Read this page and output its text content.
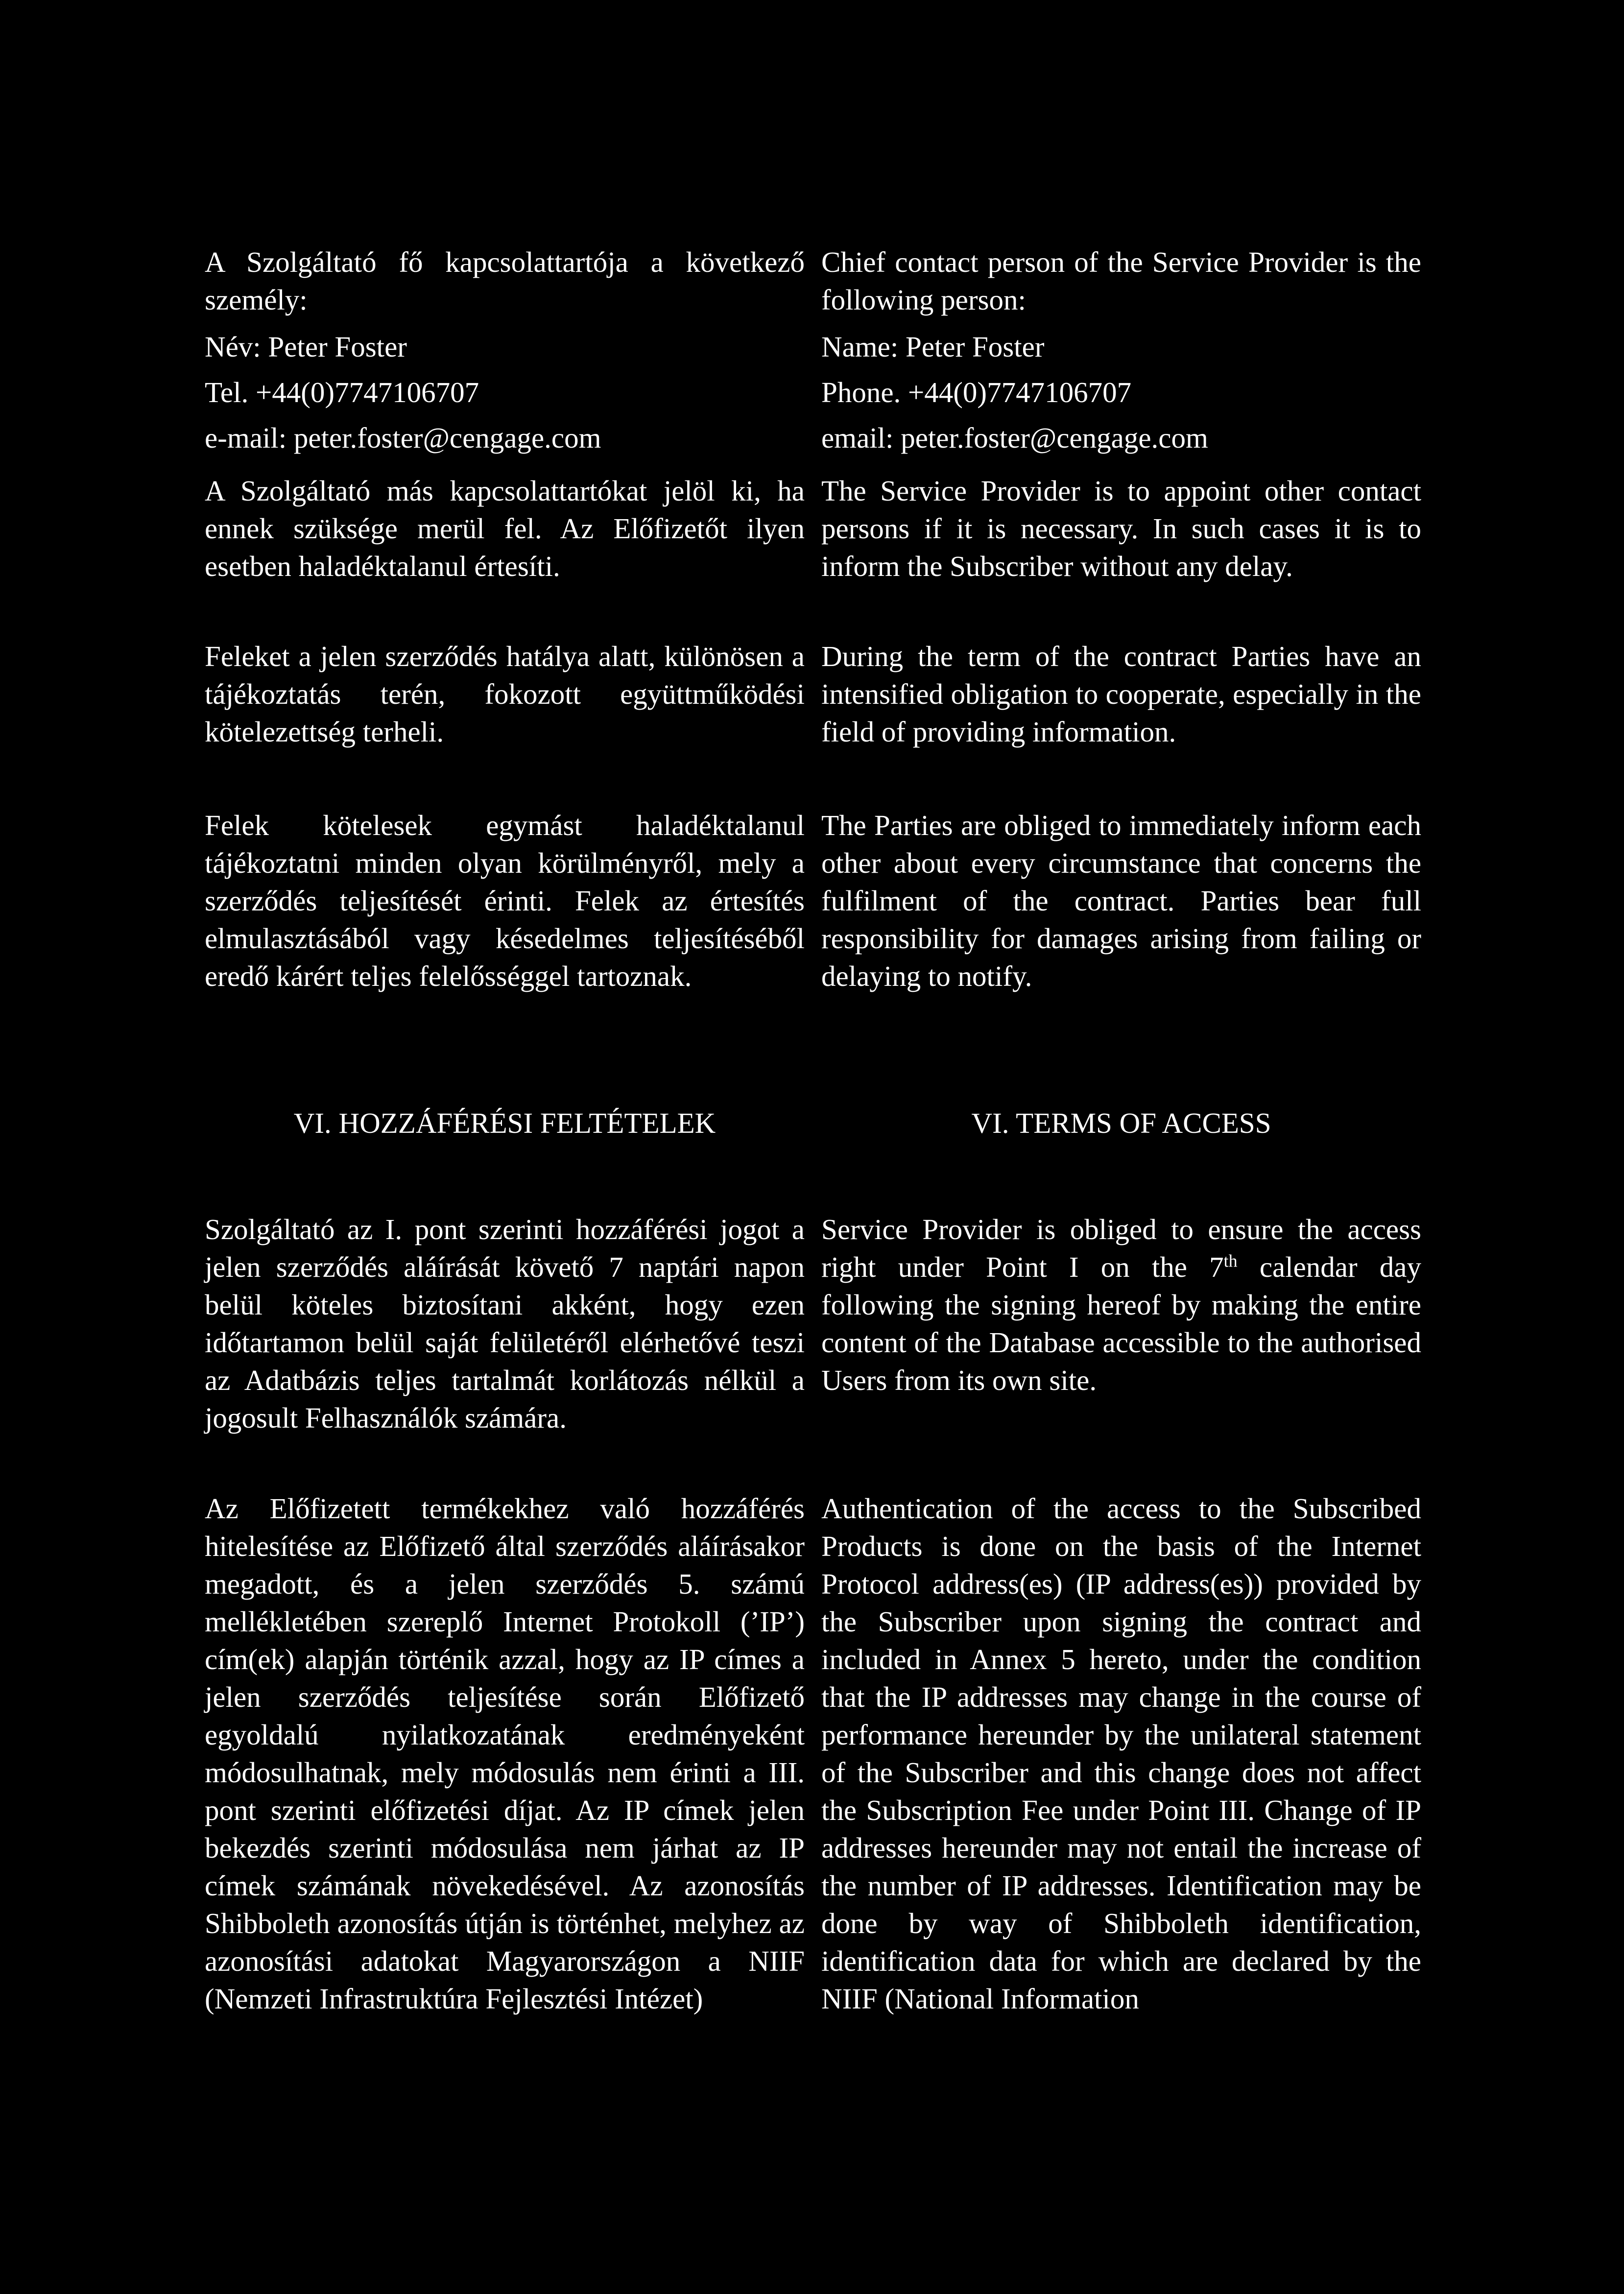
A Szolgáltató fő kapcsolattartója a következő személy:

Név: Peter Foster

Tel. +44(0)7747106707

e-mail: peter.foster@cengage.com

A Szolgáltató más kapcsolattartókat jelöl ki, ha ennek szüksége merül fel. Az Előfizetőt ilyen esetben haladéktalanul értesíti.

Feleket a jelen szerződés hatálya alatt, különösen a tájékoztatás terén, fokozott együttműködési kötelezettség terheli.

Felek kötelesek egymást haladéktalanul tájékoztatni minden olyan körülményről, mely a szerződés teljesítését érinti. Felek az értesítés elmulasztásából vagy késedelmes teljesítéséből eredő kárért teljes felelősséggel tartoznak.

VI. HOZZÁFÉRÉSI FELTÉTELEK

Szolgáltató az I. pont szerinti hozzáférési jogot a jelen szerződés aláírását követő 7 naptári napon belül köteles biztosítani akként, hogy ezen időtartamon belül saját felületéről elérhetővé teszi az Adatbázis teljes tartalmát korlátozás nélkül a jogosult Felhasználók számára.

Az Előfizetett termékekhez való hozzáférés hitelesítése az Előfizető által szerződés aláírásakor megadott, és a jelen szerződés 5. számú mellékletében szereplő Internet Protokoll (’IP’) cím(ek) alapján történik azzal, hogy az IP címes a jelen szerződés teljesítése során Előfizető egyoldalú nyilatkozatának eredményeként módosulhatnak, mely módosulás nem érinti a III. pont szerinti előfizetési díjat. Az IP címek jelen bekezdés szerinti módosulása nem járhat az IP címek számának növekedésével. Az azonosítás Shibboleth azonosítás útján is történhet, melyhez az azonosítási adatokat Magyarországon a NIIF (Nemzeti Infrastruktúra Fejlesztési Intézet)

Chief contact person of the Service Provider is the following person:

Name: Peter Foster

Phone. +44(0)7747106707

email: peter.foster@cengage.com

The Service Provider is to appoint other contact persons if it is necessary. In such cases it is to inform the Subscriber without any delay.

During the term of the contract Parties have an intensified obligation to cooperate, especially in the field of providing information.

The Parties are obliged to immediately inform each other about every circumstance that concerns the fulfilment of the contract. Parties bear full responsibility for damages arising from failing or delaying to notify.

VI. TERMS OF ACCESS

Service Provider is obliged to ensure the access right under Point I on the 7th calendar day following the signing hereof by making the entire content of the Database accessible to the authorised Users from its own site.

Authentication of the access to the Subscribed Products is done on the basis of the Internet Protocol address(es) (IP address(es)) provided by the Subscriber upon signing the contract and included in Annex 5 hereto, under the condition that the IP addresses may change in the course of performance hereunder by the unilateral statement of the Subscriber and this change does not affect the Subscription Fee under Point III. Change of IP addresses hereunder may not entail the increase of the number of IP addresses. Identification may be done by way of Shibboleth identification, identification data for which are declared by the NIIF (National Information
